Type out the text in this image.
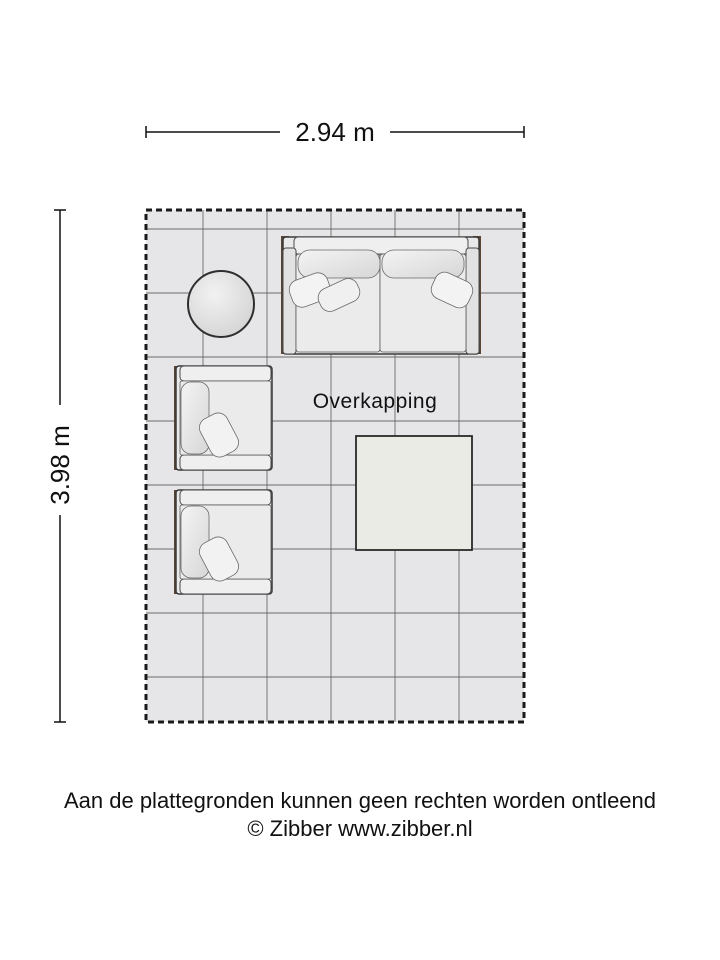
2.94 m
3.98 m
Overkapping
Aan de plattegronden kunnen geen rechten worden ontleend
© Zibber www.zibber.nl
